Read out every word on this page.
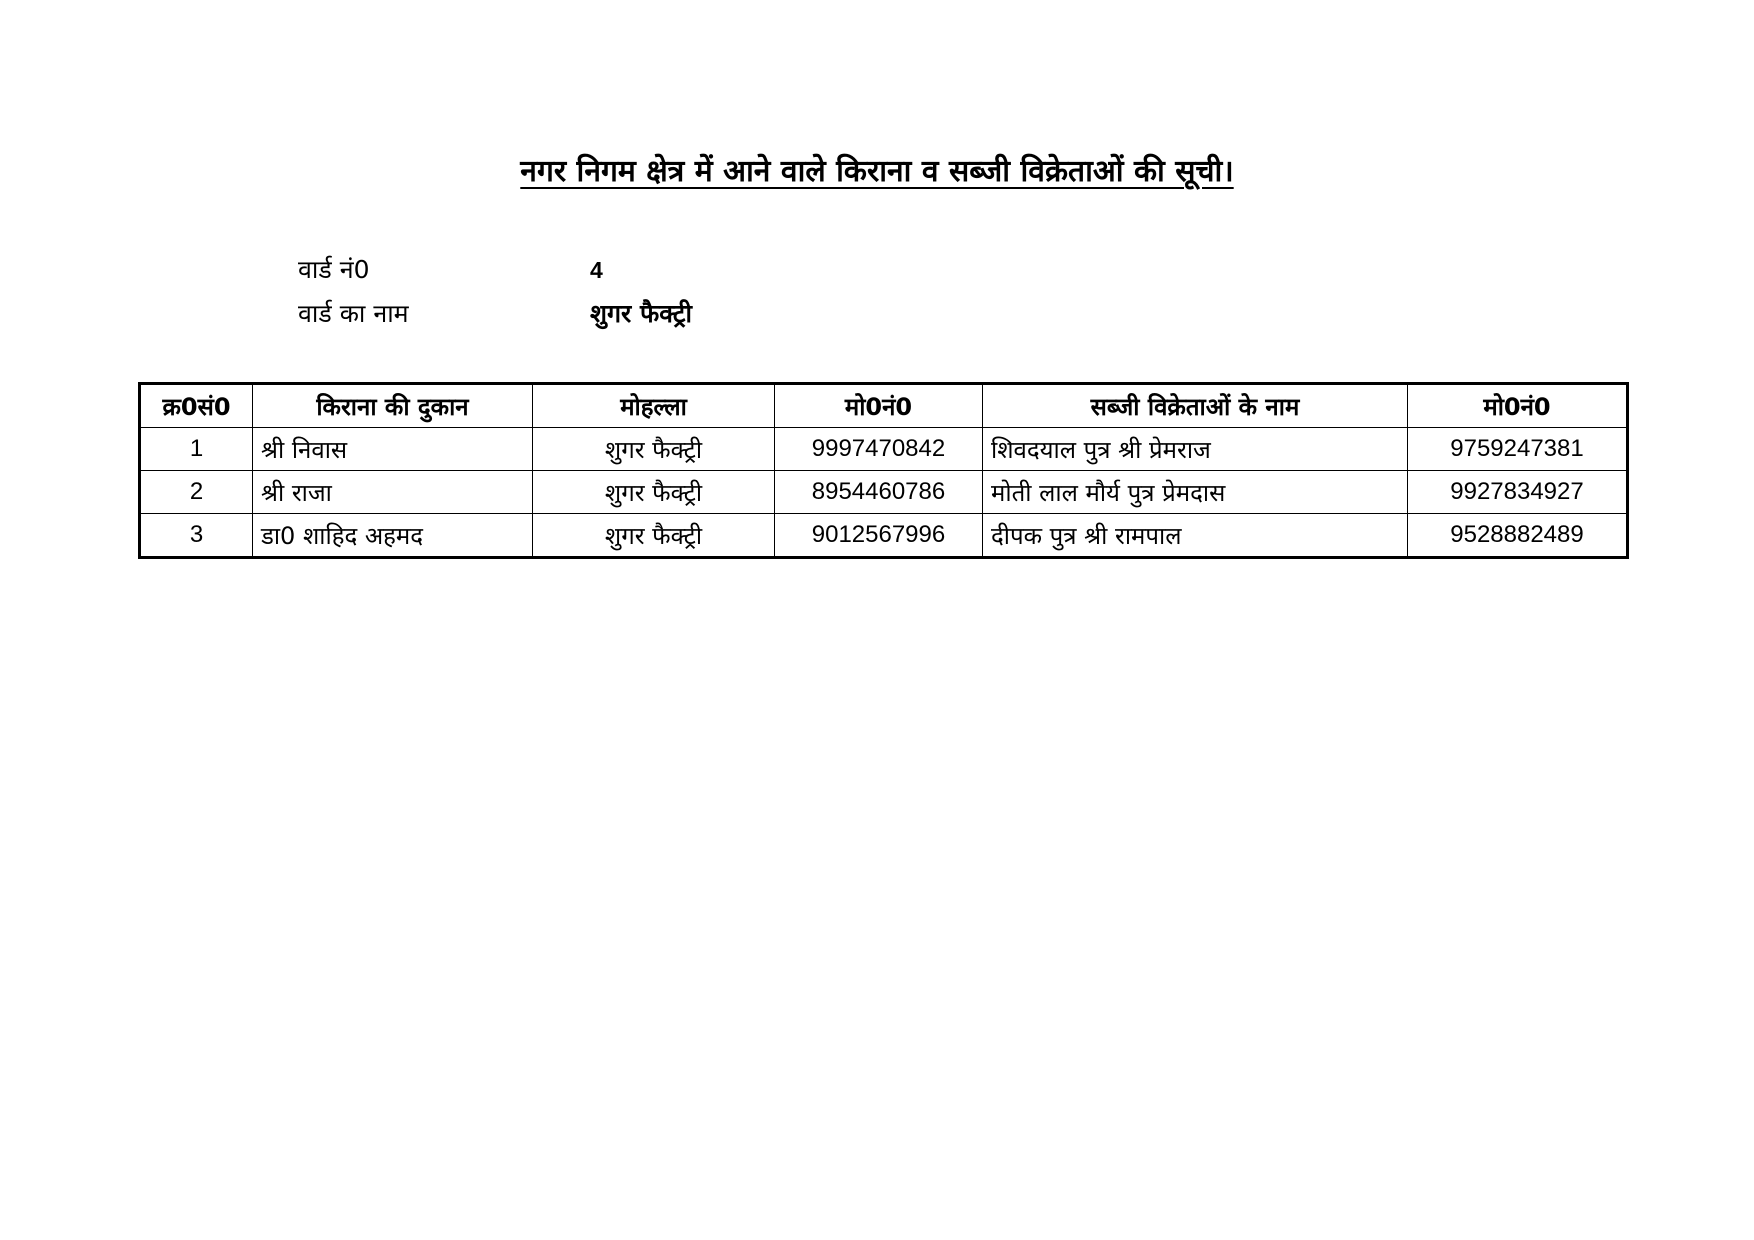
नगर निगम क्षेत्र में आने वाले किराना व सब्जी विक्रेताओं की सूची।
वार्ड नं0	4
वार्ड का नाम	शुगर फैक्ट्री
क्र0सं0	किराना की दुकान	मोहल्ला	मो0नं0	सब्जी विक्रेताओं के नाम	मो0नं0
1	श्री निवास	शुगर फैक्ट्री	9997470842	शिवदयाल पुत्र श्री प्रेमराज	9759247381
2	श्री राजा	शुगर फैक्ट्री	8954460786	मोती लाल मौर्य पुत्र प्रेमदास	9927834927
3	डा0 शाहिद अहमद	शुगर फैक्ट्री	9012567996	दीपक पुत्र श्री रामपाल	9528882489
